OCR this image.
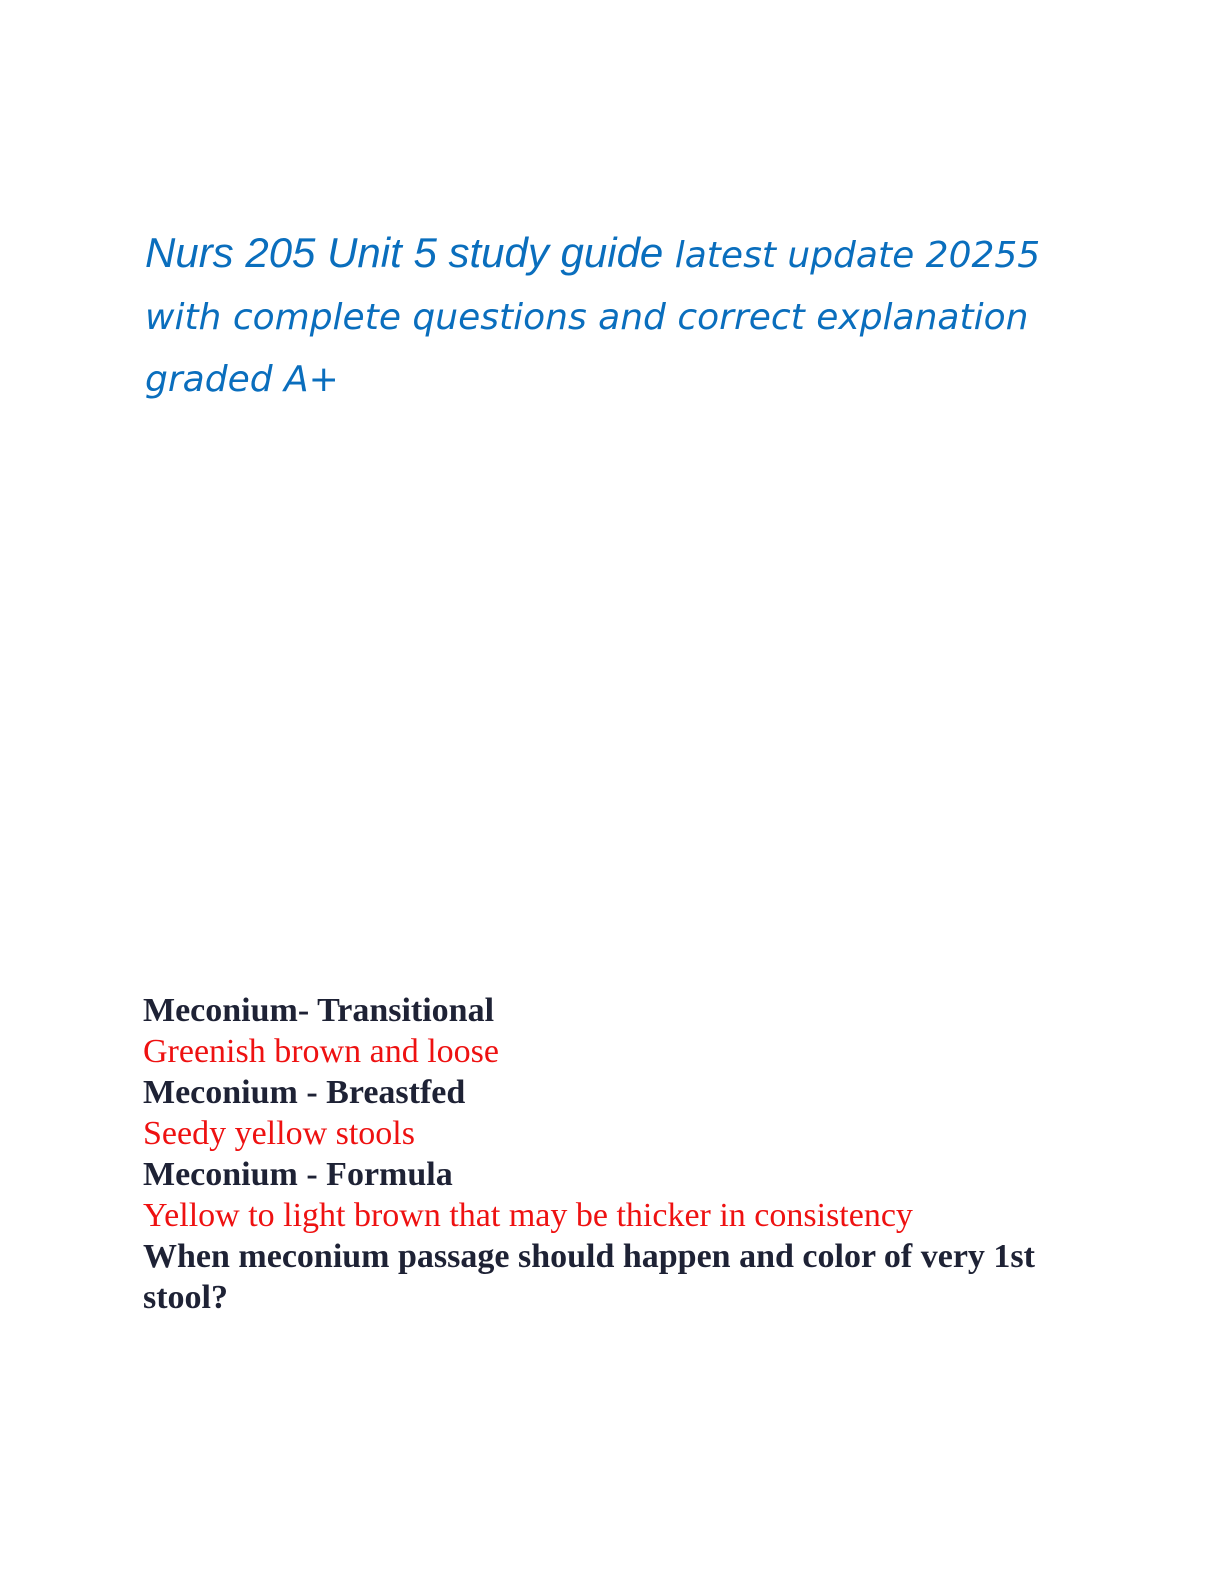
Nurs 205 Unit 5 study guide latest update 20255 with complete questions and correct explanation graded A+
Meconium- Transitional
Greenish brown and loose
Meconium - Breastfed
Seedy yellow stools
Meconium - Formula
Yellow to light brown that may be thicker in consistency
When meconium passage should happen and color of very 1st stool?
